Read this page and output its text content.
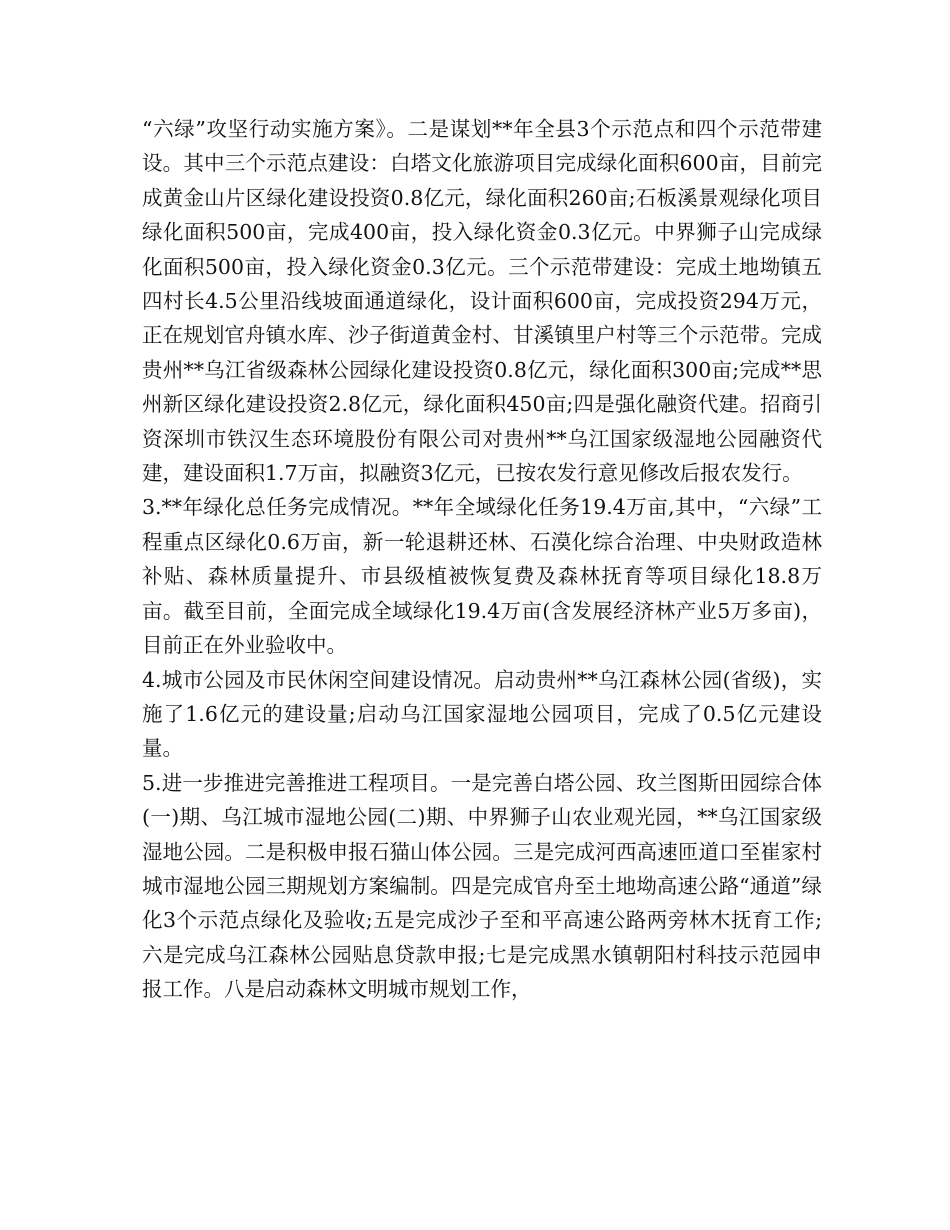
“六绿”攻坚行动实施方案》。二是谋划**年全县3个示范点和四个示范带建设。其中三个示范点建设：白塔文化旅游项目完成绿化面积600亩，目前完成黄金山片区绿化建设投资0.8亿元，绿化面积260亩;石板溪景观绿化项目绿化面积500亩，完成400亩，投入绿化资金0.3亿元。中界狮子山完成绿化面积500亩，投入绿化资金0.3亿元。三个示范带建设：完成土地坳镇五四村长4.5公里沿线坡面通道绿化，设计面积600亩，完成投资294万元，正在规划官舟镇水库、沙子街道黄金村、甘溪镇里户村等三个示范带。完成贵州**乌江省级森林公园绿化建设投资0.8亿元，绿化面积300亩;完成**思州新区绿化建设投资2.8亿元，绿化面积450亩;四是强化融资代建。招商引资深圳市铁汉生态环境股份有限公司对贵州**乌江国家级湿地公园融资代建，建设面积1.7万亩，拟融资3亿元，已按农发行意见修改后报农发行。

3.**年绿化总任务完成情况。**年全域绿化任务19.4万亩,其中，“六绿”工程重点区绿化0.6万亩，新一轮退耕还林、石漠化综合治理、中央财政造林补贴、森林质量提升、市县级植被恢复费及森林抚育等项目绿化18.8万亩。截至目前，全面完成全域绿化19.4万亩(含发展经济林产业5万多亩)，目前正在外业验收中。

4.城市公园及市民休闲空间建设情况。启动贵州**乌江森林公园(省级)，实施了1.6亿元的建设量;启动乌江国家湿地公园项目，完成了0.5亿元建设量。

5.进一步推进完善推进工程项目。一是完善白塔公园、玫兰图斯田园综合体(一)期、乌江城市湿地公园(二)期、中界狮子山农业观光园，**乌江国家级湿地公园。二是积极申报石猫山体公园。三是完成河西高速匝道口至崔家村城市湿地公园三期规划方案编制。四是完成官舟至土地坳高速公路“通道”绿化3个示范点绿化及验收;五是完成沙子至和平高速公路两旁林木抚育工作;六是完成乌江森林公园贴息贷款申报;七是完成黑水镇朝阳村科技示范园申报工作。八是启动森林文明城市规划工作，
